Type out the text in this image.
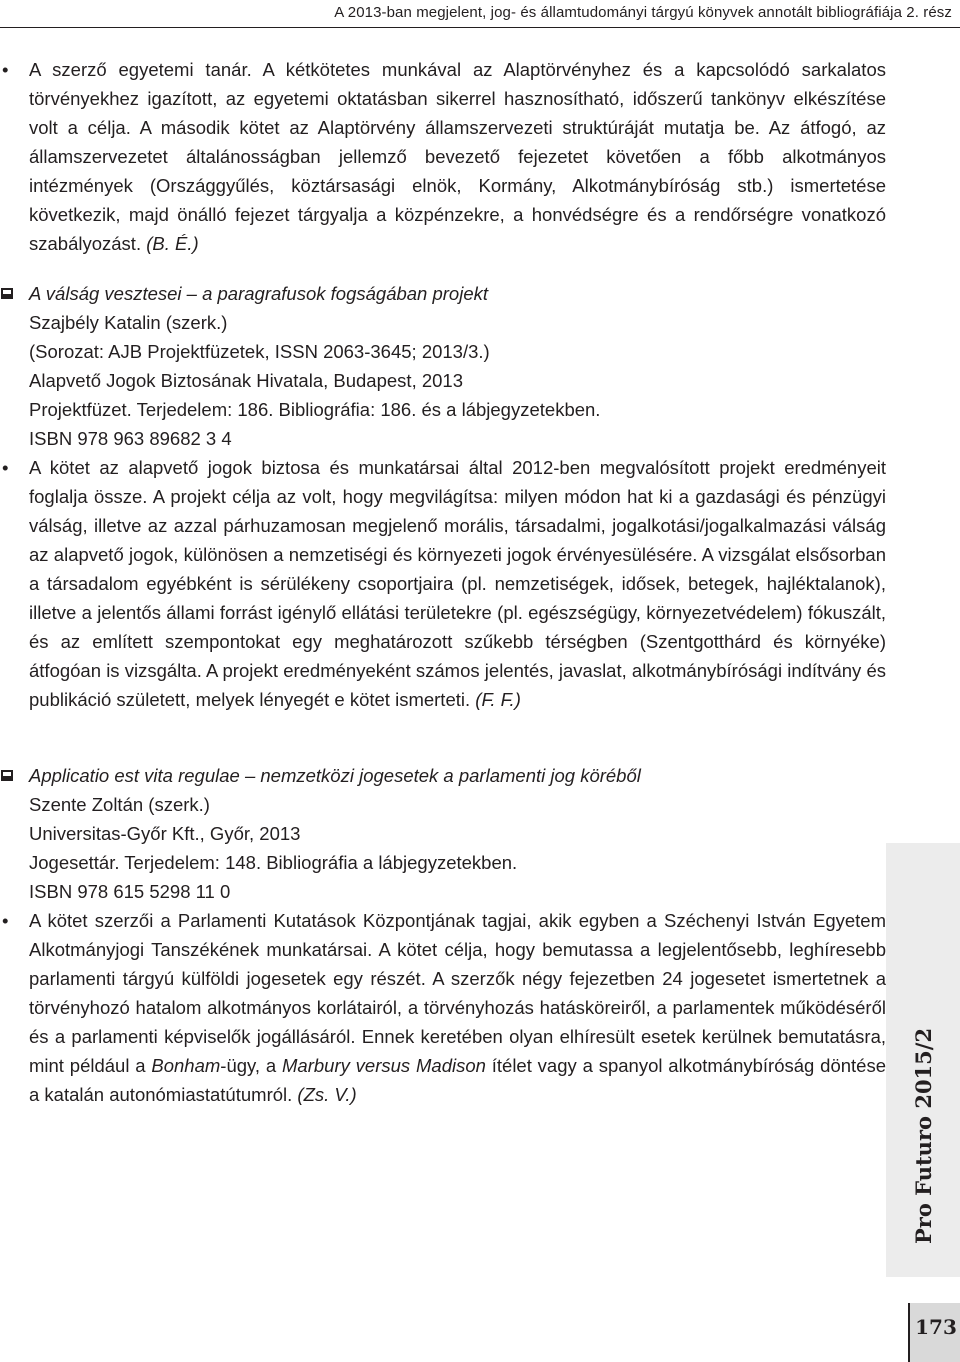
A 2013-ban megjelent, jog- és államtudományi tárgyú könyvek annotált bibliográfiája 2. rész

• A szerző egyetemi tanár. A kétkötetes munkával az Alaptörvényhez és a kapcsolódó sarkalatos törvényekhez igazított, az egyetemi oktatásban sikerrel hasznosítható, időszerű tankönyv elkészítése volt a célja. A második kötet az Alaptörvény államszervezeti struktúráját mutatja be. Az átfogó, az államszervezetet általánosságban jellemző bevezető fejezetet követően a főbb alkotmányos intézmények (Országgyűlés, köztársasági elnök, Kormány, Alkotmánybíróság stb.) ismertetése következik, majd önálló fejezet tárgyalja a közpénzekre, a honvédségre és a rendőrségre vonatkozó szabályozást. (B. É.)

A válság vesztesei – a paragrafusok fogságában projekt
Szajbély Katalin (szerk.)
(Sorozat: AJB Projektfüzetek, ISSN 2063-3645; 2013/3.)
Alapvető Jogok Biztosának Hivatala, Budapest, 2013
Projektfüzet. Terjedelem: 186. Bibliográfia: 186. és a lábjegyzetekben.
ISBN 978 963 89682 3 4

• A kötet az alapvető jogok biztosa és munkatársai által 2012-ben megvalósított projekt eredményeit foglalja össze. A projekt célja az volt, hogy megvilágítsa: milyen módon hat ki a gazdasági és pénzügyi válság, illetve az azzal párhuzamosan megjelenő morális, társadalmi, jogalkotási/jogalkalmazási válság az alapvető jogok, különösen a nemzetiségi és környezeti jogok érvényesülésére. A vizsgálat elsősorban a társadalom egyébként is sérülékeny csoportjaira (pl. nemzetiségek, idősek, betegek, hajléktalanok), illetve a jelentős állami forrást igénylő ellátási területekre (pl. egészségügy, környezetvédelem) fókuszált, és az említett szempontokat egy meghatározott szűkebb térségben (Szentgotthárd és környéke) átfogóan is vizsgálta. A projekt eredményeként számos jelentés, javaslat, alkotmánybírósági indítvány és publikáció született, melyek lényegét e kötet ismerteti. (F. F.)

Applicatio est vita regulae – nemzetközi jogesetek a parlamenti jog köréből
Szente Zoltán (szerk.)
Universitas-Győr Kft., Győr, 2013
Jogesettár. Terjedelem: 148. Bibliográfia a lábjegyzetekben.
ISBN 978 615 5298 11 0

• A kötet szerzői a Parlamenti Kutatások Központjának tagjai, akik egyben a Széchenyi István Egyetem Alkotmányjogi Tanszékének munkatársai. A kötet célja, hogy bemutassa a legjelentősebb, leghíresebb parlamenti tárgyú külföldi jogesetek egy részét. A szerzők négy fejezetben 24 jogesetet ismertetnek a törvényhozó hatalom alkotmányos korlátairól, a törvényhozás hatásköreiről, a parlamentek működéséről és a parlamenti képviselők jogállásáról. Ennek keretében olyan elhíresült esetek kerülnek bemutatásra, mint például a Bonham-ügy, a Marbury versus Madison ítélet vagy a spanyol alkotmánybíróság döntése a katalán autonómiastatútumról. (Zs. V.)	Pro Futuro 2015/2
173
